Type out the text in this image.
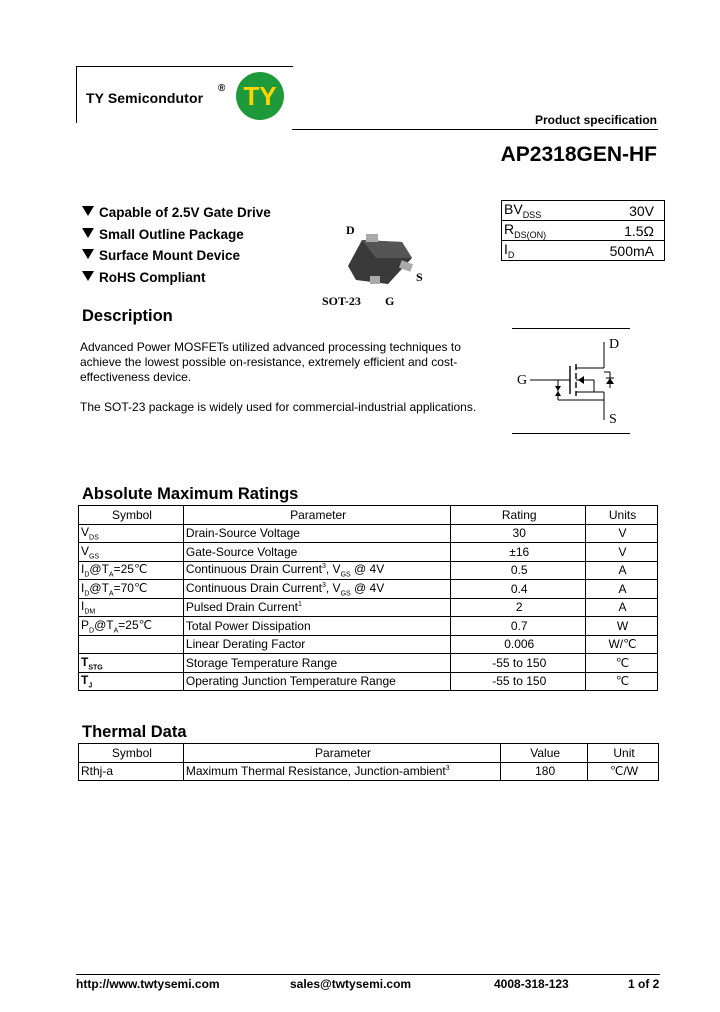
TY Semicondutor
® TY
Product specification
AP2318GEN-HF
Capable of 2.5V Gate Drive
Small Outline Package
Surface Mount Device
RoHS Compliant
D
S
SOT-23 G
$BV_{DSS}$	30V
$R_{DS(ON)}$	1.5Ω
$I_D$	500mA
Description

Advanced Power MOSFETs utilized advanced processing techniques to achieve the lowest possible on-resistance, extremely efficient and cost-effectiveness device.

The SOT-23 package is widely used for commercial-industrial applications.

D
G
S
Absolute Maximum Ratings
Symbol	Parameter	Rating	Units
$V_{DS}$	Drain-Source Voltage	30	V
$V_{GS}$	Gate-Source Voltage	±16	V
$I_D@T_A=25℃$	Continuous Drain Current$^3$, $V_{GS}$ @ 4V	0.5	A
$I_D@T_A=70℃$	Continuous Drain Current$^3$, $V_{GS}$ @ 4V	0.4	A
$I_{DM}$	Pulsed Drain Current$^1$	2	A
$P_D@T_A=25℃$	Total Power Dissipation	0.7	W
	Linear Derating Factor	0.006	W/℃
$T_{STG}$	Storage Temperature Range	-55 to 150	℃
$T_J$	Operating Junction Temperature Range	-55 to 150	℃
Thermal Data
Symbol	Parameter	Value	Unit
Rthj-a	Maximum Thermal Resistance, Junction-ambient$^3$	180	℃/W
http://www.twtysemi.com	sales@twtysemi.com	4008-318-123	1 of 2
